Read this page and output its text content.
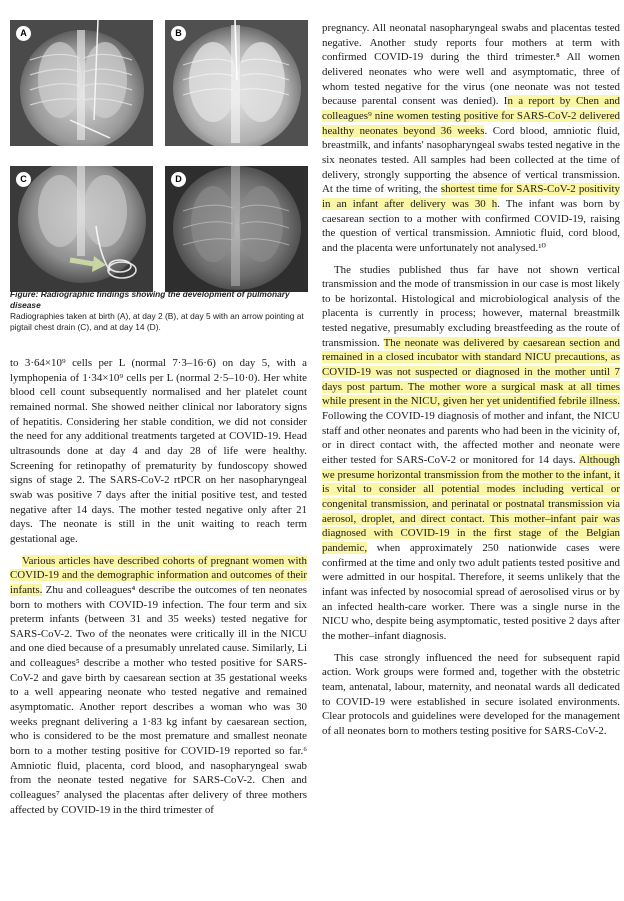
A	B
C	D

Figure: Radiographic findings showing the development of pulmonary disease

Radiographies taken at birth (A), at day 2 (B), at day 5 with an arrow pointing at pigtail chest drain (C), and at day 14 (D).

to 3·64×10⁹ cells per L (normal 7·3–16·6) on day 5, with a lymphopenia of 1·34×10⁹ cells per L (normal 2·5–10·0). Her white blood cell count subsequently normalised and her platelet count remained normal. She showed neither clinical nor laboratory signs of hepatitis. Considering her stable condition, we did not consider the need for any additional treatments targeted at COVID-19. Head ultrasounds done at day 4 and day 28 of life were healthy. Screening for retinopathy of prematurity by fundoscopy showed signs of stage 2. The SARS-CoV-2 rtPCR on her nasopharyngeal swab was positive 7 days after the initial positive test, and tested negative after 14 days. The mother tested negative only after 21 days. The neonate is still in the unit waiting to reach term gestational age.

Various articles have described cohorts of pregnant women with COVID-19 and the demographic information and outcomes of their infants. Zhu and colleagues⁴ describe the outcomes of ten neonates born to mothers with COVID-19 infection. The four term and six preterm infants (between 31 and 35 weeks) tested negative for SARS-CoV-2. Two of the neonates were critically ill in the NICU and one died because of a presumably unrelated cause. Similarly, Li and colleagues⁵ describe a mother who tested positive for SARS-CoV-2 and gave birth by caesarean section at 35 gestational weeks to a well appearing neonate who tested negative and remained asymptomatic. Another report describes a woman who was 30 weeks pregnant delivering a 1·83 kg infant by caesarean section, who is considered to be the most premature and smallest neonate born to a mother testing positive for COVID-19 reported so far.⁶ Amniotic fluid, placenta, cord blood, and nasopharyngeal swab from the neonate tested negative for SARS-CoV-2. Chen and colleagues⁷ analysed the placentas after delivery of three mothers affected by COVID-19 in the third trimester of

pregnancy. All neonatal nasopharyngeal swabs and placentas tested negative. Another study reports four mothers at term with confirmed COVID-19 during the third trimester.⁸ All women delivered neonates who were well and asymptomatic, three of whom tested negative for the virus (one neonate was not tested because parental consent was denied). In a report by Chen and colleagues⁹ nine women testing positive for SARS-CoV-2 delivered healthy neonates beyond 36 weeks. Cord blood, amniotic fluid, breastmilk, and infants' nasopharyngeal swabs tested negative in the six neonates tested. All samples had been collected at the time of delivery, strongly supporting the absence of vertical transmission. At the time of writing, the shortest time for SARS-CoV-2 positivity in an infant after delivery was 30 h. The infant was born by caesarean section to a mother with confirmed COVID-19, raising the question of vertical transmission. Amniotic fluid, cord blood, and the placenta were unfortunately not analysed.¹⁰

The studies published thus far have not shown vertical transmission and the mode of transmission in our case is most likely to be horizontal. Histological and microbiological analysis of the placenta is currently in process; however, maternal breastmilk tested negative, presumably excluding breastfeeding as the route of transmission. The neonate was delivered by caesarean section and remained in a closed incubator with standard NICU precautions, as COVID-19 was not suspected or diagnosed in the mother until 7 days post partum. The mother wore a surgical mask at all times while present in the NICU, given her yet unidentified febrile illness. Following the COVID-19 diagnosis of mother and infant, the NICU staff and other neonates and parents who had been in the vicinity of, or in direct contact with, the affected mother and neonate were either tested for SARS-CoV-2 or monitored for 14 days. Although we presume horizontal transmission from the mother to the infant, it is vital to consider all potential modes including vertical or congenital transmission, and perinatal or postnatal transmission via aerosol, droplet, and direct contact. This mother–infant pair was diagnosed with COVID-19 in the first stage of the Belgian pandemic, when approximately 250 nationwide cases were confirmed at the time and only two adult patients tested positive and were admitted in our hospital. Therefore, it seems unlikely that the infant was infected by nosocomial spread of aerosolised virus or by an infected health-care worker. There was a single nurse in the NICU who, despite being asymptomatic, tested positive 2 days after the mother–infant diagnosis.

This case strongly influenced the need for subsequent rapid action. Work groups were formed and, together with the obstetric team, antenatal, labour, maternity, and neonatal wards all dedicated to COVID-19 were established in secure isolated environments. Clear protocols and guidelines were developed for the management of all neonates born to mothers testing positive for SARS-CoV-2.
